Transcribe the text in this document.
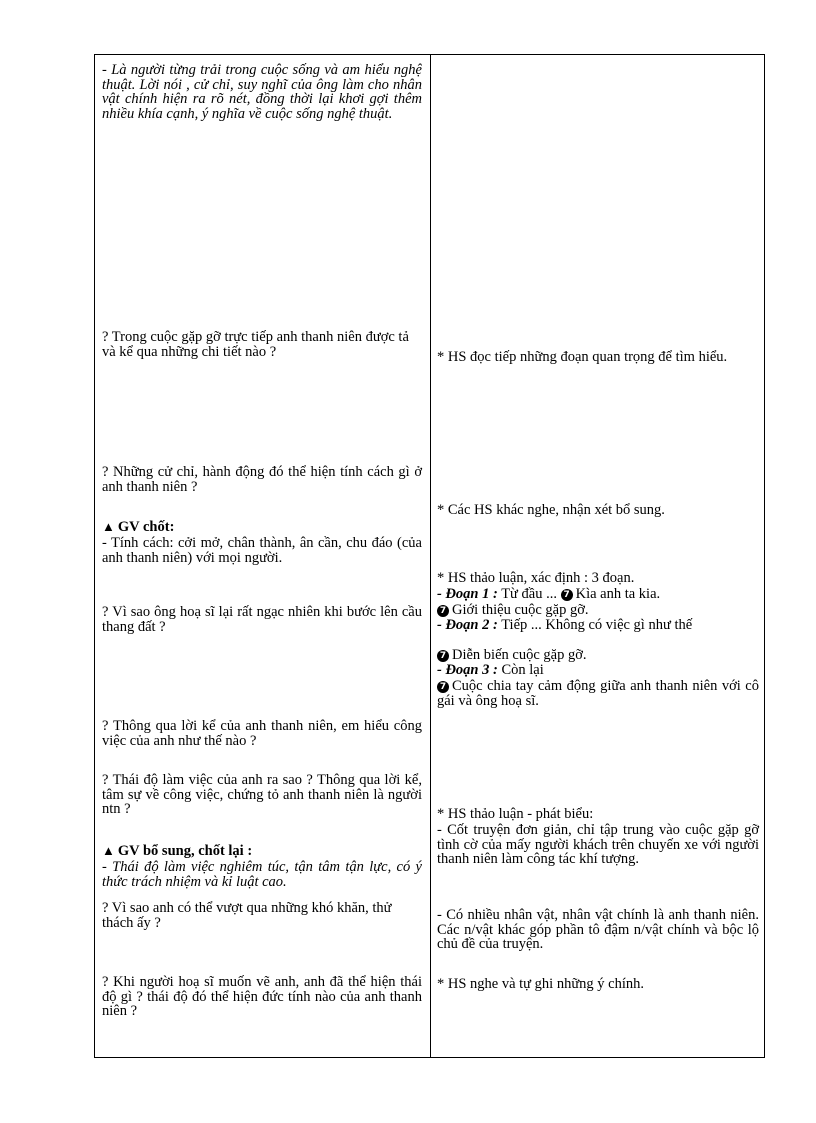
- Là người từng trải trong cuộc sống và am hiểu nghệ thuật. Lời nói , cử chỉ, suy nghĩ của ông làm cho nhân vật chính hiện ra rõ nét, đồng thời lại khơi gợi thêm nhiều khía cạnh, ý nghĩa về cuộc sống nghệ thuật.

? Trong cuộc gặp gỡ trực tiếp anh thanh niên được tả và kể qua những chi tiết nào ?

? Những cử chỉ, hành động đó thể hiện tính cách gì ở anh thanh niên ?

▲ GV chốt:

- Tính cách: cởi mở, chân thành, ân cần, chu đáo (của anh thanh niên) với mọi người.

? Vì sao ông hoạ sĩ lại rất ngạc nhiên khi bước lên cầu thang đất ?

? Thông qua lời kể của anh thanh niên, em hiểu công việc của anh như thế nào ?

? Thái độ làm việc của anh ra sao ? Thông qua lời kể, tâm sự về công việc, chứng tỏ anh thanh niên là người ntn ?

▲ GV bổ sung, chốt lại :

- Thái độ làm việc nghiêm túc, tận tâm tận lực, có ý thức trách nhiệm và kỉ luật cao.

? Vì sao anh có thể vượt qua những khó khăn, thử thách ấy ?

? Khi người hoạ sĩ muốn vẽ anh, anh đã thể hiện thái độ gì ? thái độ đó thể hiện đức tính nào của anh thanh niên ?

* HS đọc tiếp những đoạn quan trọng để tìm hiểu.

* Các HS khác nghe, nhận xét bổ sung.

* HS thảo luận, xác định : 3 đoạn.

- Đoạn 1 : Từ đầu ... 7 Kìa anh ta kia.

7 Giới thiệu cuộc gặp gỡ.

- Đoạn 2 : Tiếp ... Không có việc gì như thế

7 Diễn biến cuộc gặp gỡ.

- Đoạn 3 : Còn lại

7 Cuộc chia tay cảm động giữa anh thanh niên với cô gái và ông hoạ sĩ.

* HS thảo luận - phát biểu:

- Cốt truyện đơn giản, chỉ tập trung vào cuộc gặp gỡ tình cờ của mấy người khách trên chuyến xe với người thanh niên làm công tác khí tượng.

- Có nhiều nhân vật, nhân vật chính là anh thanh niên. Các n/vật khác góp phần tô đậm n/vật chính và bộc lộ chủ đề của truyện.

* HS nghe và tự ghi những ý chính.
